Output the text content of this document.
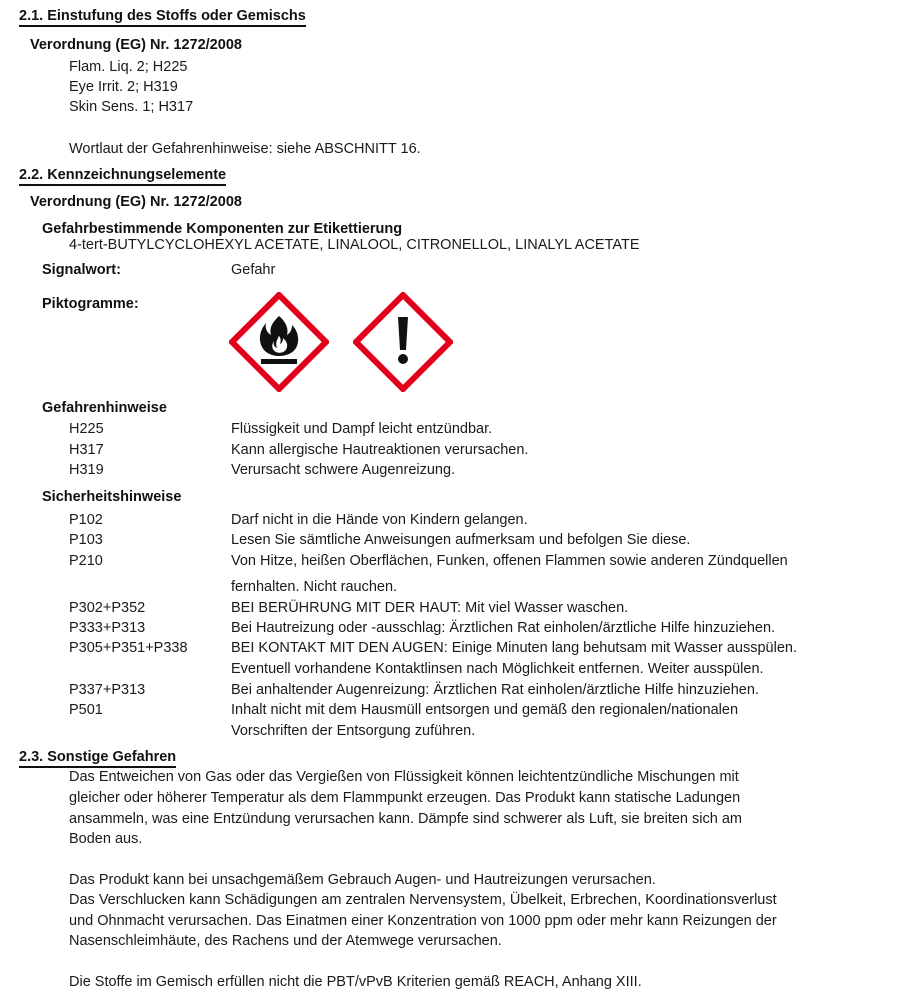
2.1. Einstufung des Stoffs oder Gemischs
Verordnung (EG) Nr. 1272/2008
Flam. Liq. 2; H225
Eye Irrit. 2; H319
Skin Sens. 1; H317
Wortlaut der Gefahrenhinweise: siehe ABSCHNITT 16.
2.2. Kennzeichnungselemente
Verordnung (EG) Nr. 1272/2008
Gefahrbestimmende Komponenten zur Etikettierung
4-tert-BUTYLCYCLOHEXYL ACETATE, LINALOOL, CITRONELLOL, LINALYL ACETATE
Signalwort:	Gefahr
Piktogramme:
Gefahrenhinweise
H225	Flüssigkeit und Dampf leicht entzündbar.
H317	Kann allergische Hautreaktionen verursachen.
H319	Verursacht schwere Augenreizung.
Sicherheitshinweise
P102	Darf nicht in die Hände von Kindern gelangen.
P103	Lesen Sie sämtliche Anweisungen aufmerksam und befolgen Sie diese.
P210	Von Hitze, heißen Oberflächen, Funken, offenen Flammen sowie anderen Zündquellen
fernhalten. Nicht rauchen.
P302+P352	BEI BERÜHRUNG MIT DER HAUT: Mit viel Wasser waschen.
P333+P313	Bei Hautreizung oder -ausschlag: Ärztlichen Rat einholen/ärztliche Hilfe hinzuziehen.
P305+P351+P338	BEI KONTAKT MIT DEN AUGEN: Einige Minuten lang behutsam mit Wasser ausspülen.
Eventuell vorhandene Kontaktlinsen nach Möglichkeit entfernen. Weiter ausspülen.
P337+P313	Bei anhaltender Augenreizung: Ärztlichen Rat einholen/ärztliche Hilfe hinzuziehen.
P501	Inhalt nicht mit dem Hausmüll entsorgen und gemäß den regionalen/nationalen
Vorschriften der Entsorgung zuführen.
2.3. Sonstige Gefahren
Das Entweichen von Gas oder das Vergießen von Flüssigkeit können leichtentzündliche Mischungen mit
gleicher oder höherer Temperatur als dem Flammpunkt erzeugen. Das Produkt kann statische Ladungen
ansammeln, was eine Entzündung verursachen kann. Dämpfe sind schwerer als Luft, sie breiten sich am
Boden aus.
Das Produkt kann bei unsachgemäßem Gebrauch Augen- und Hautreizungen verursachen.
Das Verschlucken kann Schädigungen am zentralen Nervensystem, Übelkeit, Erbrechen, Koordinationsverlust
und Ohnmacht verursachen. Das Einatmen einer Konzentration von 1000 ppm oder mehr kann Reizungen der
Nasenschleimhäute, des Rachens und der Atemwege verursachen.
Die Stoffe im Gemisch erfüllen nicht die PBT/vPvB Kriterien gemäß REACH, Anhang XIII.
